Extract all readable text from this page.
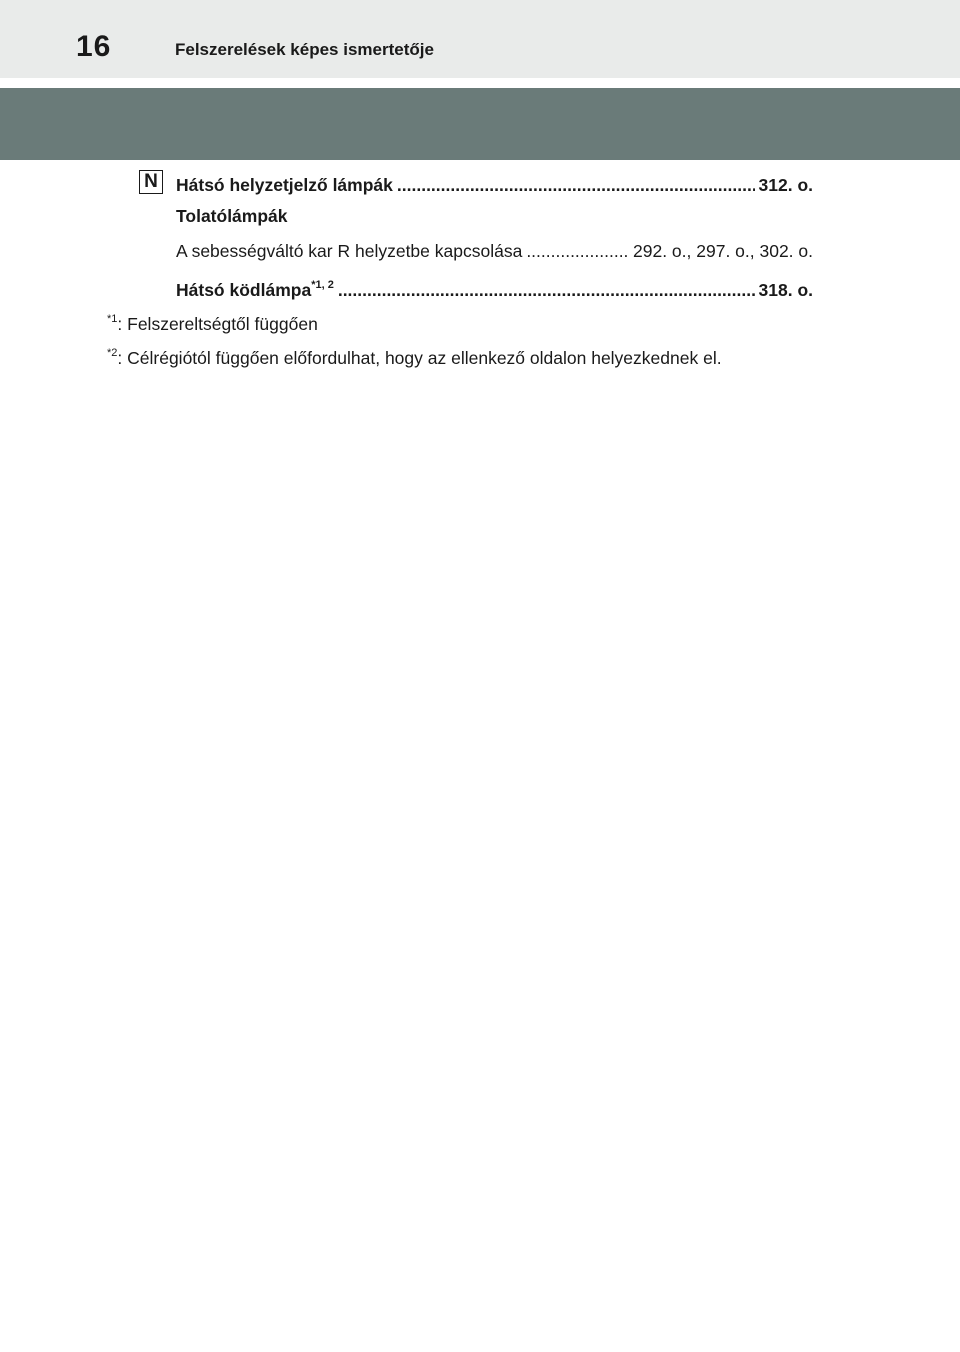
16	Felszerelések képes ismertetője
N Hátsó helyzetjelző lámpák .....	312. o.
Tolatólámpák
A sebességváltó kar R helyzetbe kapcsolása .....	292. o., 297. o., 302. o.
Hátsó ködlámpa$^{*1, 2}$ .....	318. o.
$^{*1}$: Felszereltségtől függően
$^{*2}$: Célrégiótól függően előfordulhat, hogy az ellenkező oldalon helyezkednek el.
